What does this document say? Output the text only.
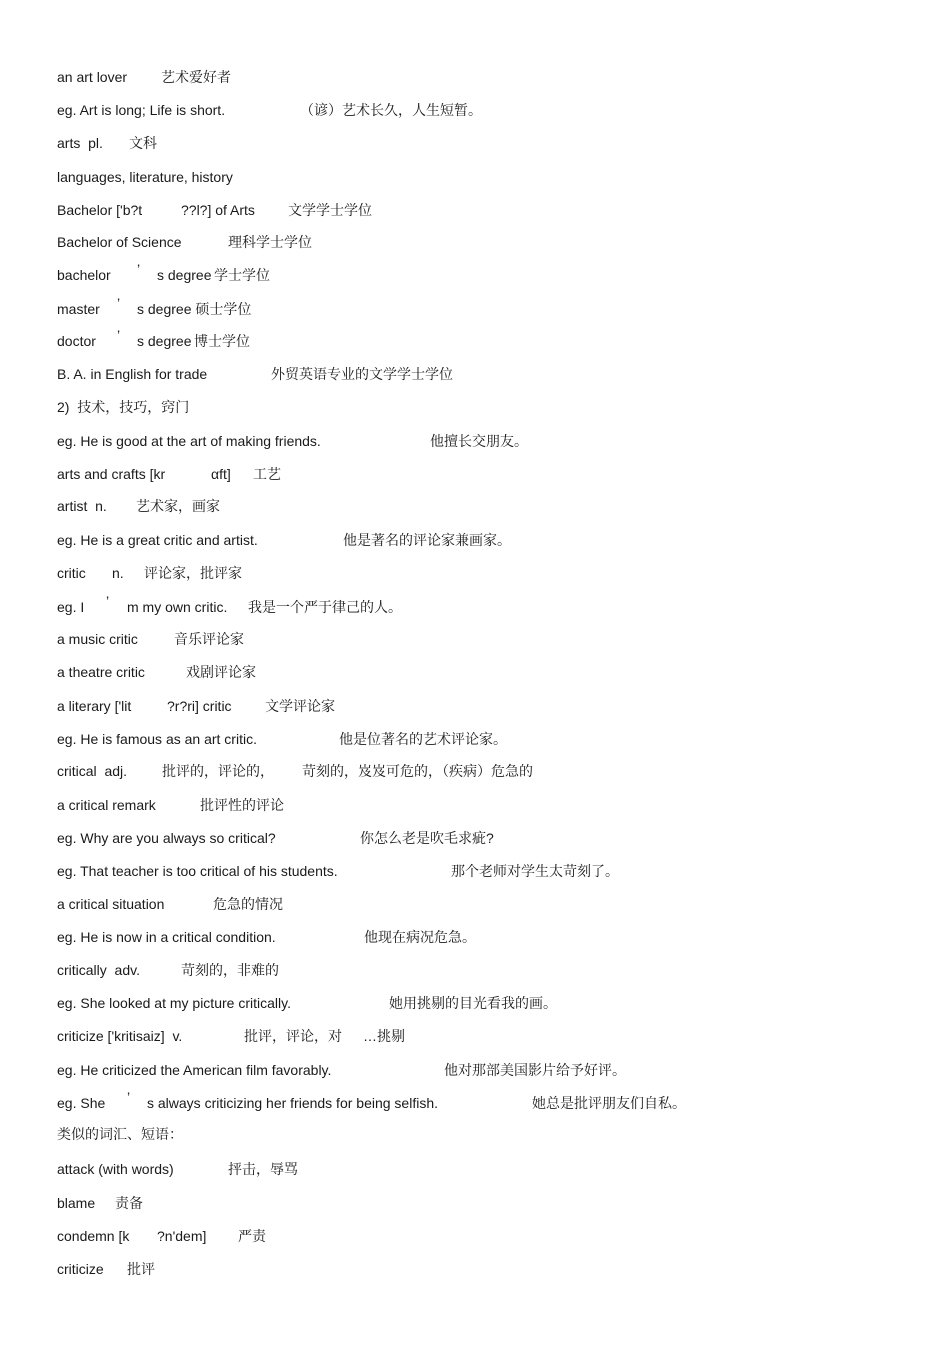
an art lover 艺术爱好者
eg. Art is long; Life is short.	（谚）艺术长久，人生短暂。
arts  pl. 文科
languages, literature, history
Bachelor ['b?t	??l?] of Arts 文学学士学位
Bachelor of Science	理科学士学位
bachelor ’ s degree 学士学位
master ’ s degree 硕士学位
doctor ’ s degree 博士学位
B. A. in English for trade	外贸英语专业的文学学士学位
2)  技术，技巧，窍门
eg. He is good at the art of making friends.	他擅长交朋友。
arts and crafts [kr	αft] 工艺
artist  n. 艺术家，画家
eg. He is a great critic and artist.	他是著名的评论家兼画家。
critic n. 评论家，批评家
eg. I ’ m my own critic. 我是一个严于律己的人。
a music critic	音乐评论家
a theatre critic	戏剧评论家
a literary ['lit	?r?ri] critic 文学评论家
eg. He is famous as an art critic.	他是位著名的艺术评论家。
critical  adj. 批评的，评论的， 苛刻的，岌岌可危的，（疾病）危急的
a critical remark	批评性的评论
eg. Why are you always so critical?	你怎么老是吹毛求疵?
eg. That teacher is too critical of his students.	那个老师对学生太苛刻了。
a critical situation	危急的情况
eg. He is now in a critical condition.	他现在病况危急。
critically  adv.	苛刻的，非难的
eg. She looked at my picture critically.	她用挑剔的目光看我的画。
criticize ['kritisaiz]  v.	批评，评论，对 …挑剔
eg. He criticized the American film favorably.	他对那部美国影片给予好评。
eg. She ’ s always criticizing her friends for being selfish.	她总是批评朋友们自私。
类似的词汇、短语：
attack (with words)	抨击，辱骂
blame 责备
condemn [k ?n'dem] 严责
criticize 批评
